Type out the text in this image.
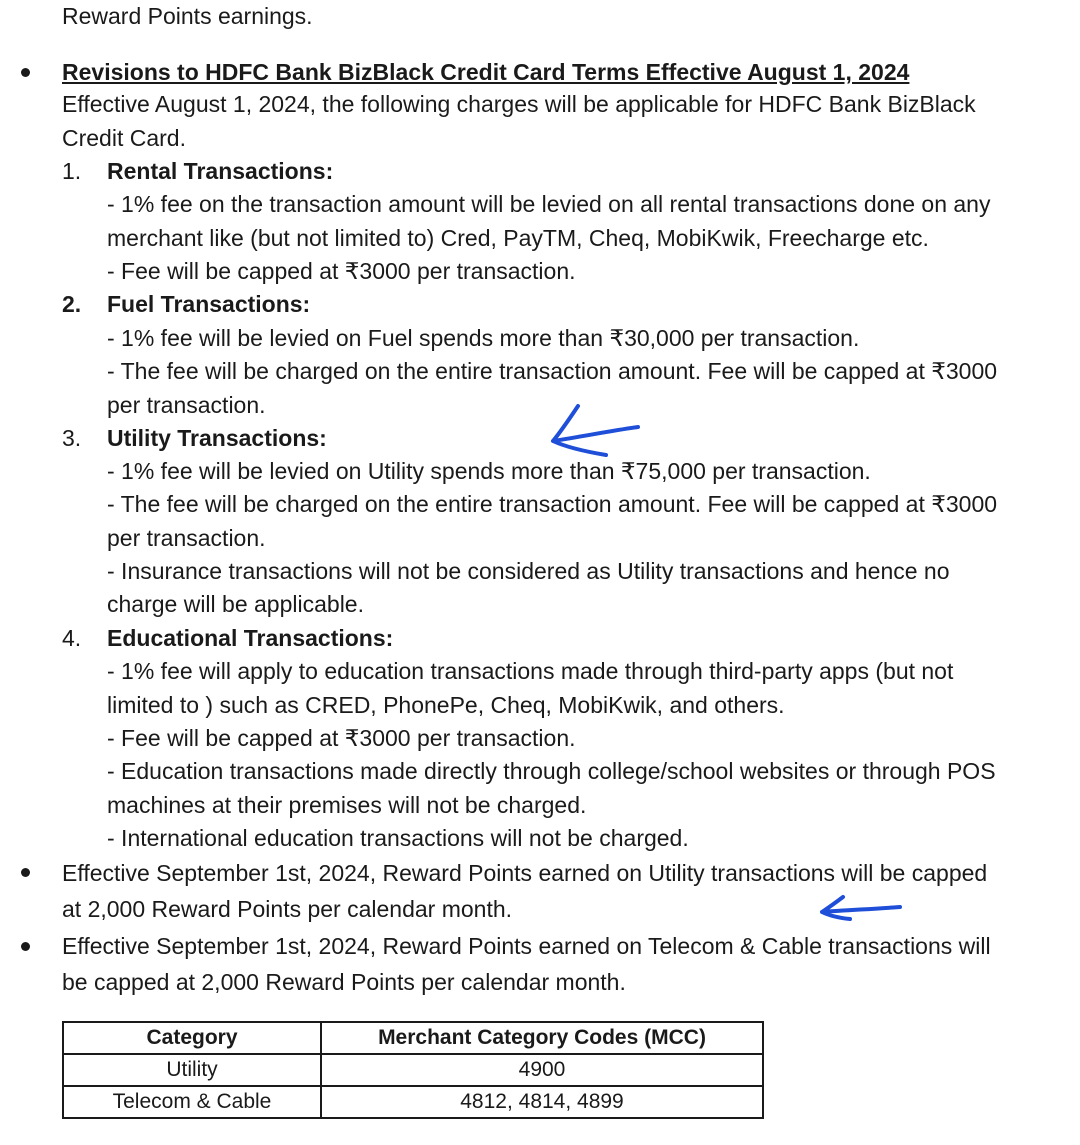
Reward Points earnings.
Revisions to HDFC Bank BizBlack Credit Card Terms Effective August 1, 2024
Effective August 1, 2024, the following charges will be applicable for HDFC Bank BizBlack
Credit Card.
1. Rental Transactions:
- 1% fee on the transaction amount will be levied on all rental transactions done on any
merchant like (but not limited to) Cred, PayTM, Cheq, MobiKwik, Freecharge etc.
- Fee will be capped at ₹3000 per transaction.
2. Fuel Transactions:
- 1% fee will be levied on Fuel spends more than ₹30,000 per transaction.
- The fee will be charged on the entire transaction amount. Fee will be capped at ₹3000
per transaction.
3. Utility Transactions:
- 1% fee will be levied on Utility spends more than ₹75,000 per transaction.
- The fee will be charged on the entire transaction amount. Fee will be capped at ₹3000
per transaction.
- Insurance transactions will not be considered as Utility transactions and hence no
charge will be applicable.
4. Educational Transactions:
- 1% fee will apply to education transactions made through third-party apps (but not
limited to ) such as CRED, PhonePe, Cheq, MobiKwik, and others.
- Fee will be capped at ₹3000 per transaction.
- Education transactions made directly through college/school websites or through POS
machines at their premises will not be charged.
- International education transactions will not be charged.
Effective September 1st, 2024, Reward Points earned on Utility transactions will be capped
at 2,000 Reward Points per calendar month.
Effective September 1st, 2024, Reward Points earned on Telecom & Cable transactions will
be capped at 2,000 Reward Points per calendar month.
Category	Merchant Category Codes (MCC)
Utility	4900
Telecom & Cable	4812, 4814, 4899
